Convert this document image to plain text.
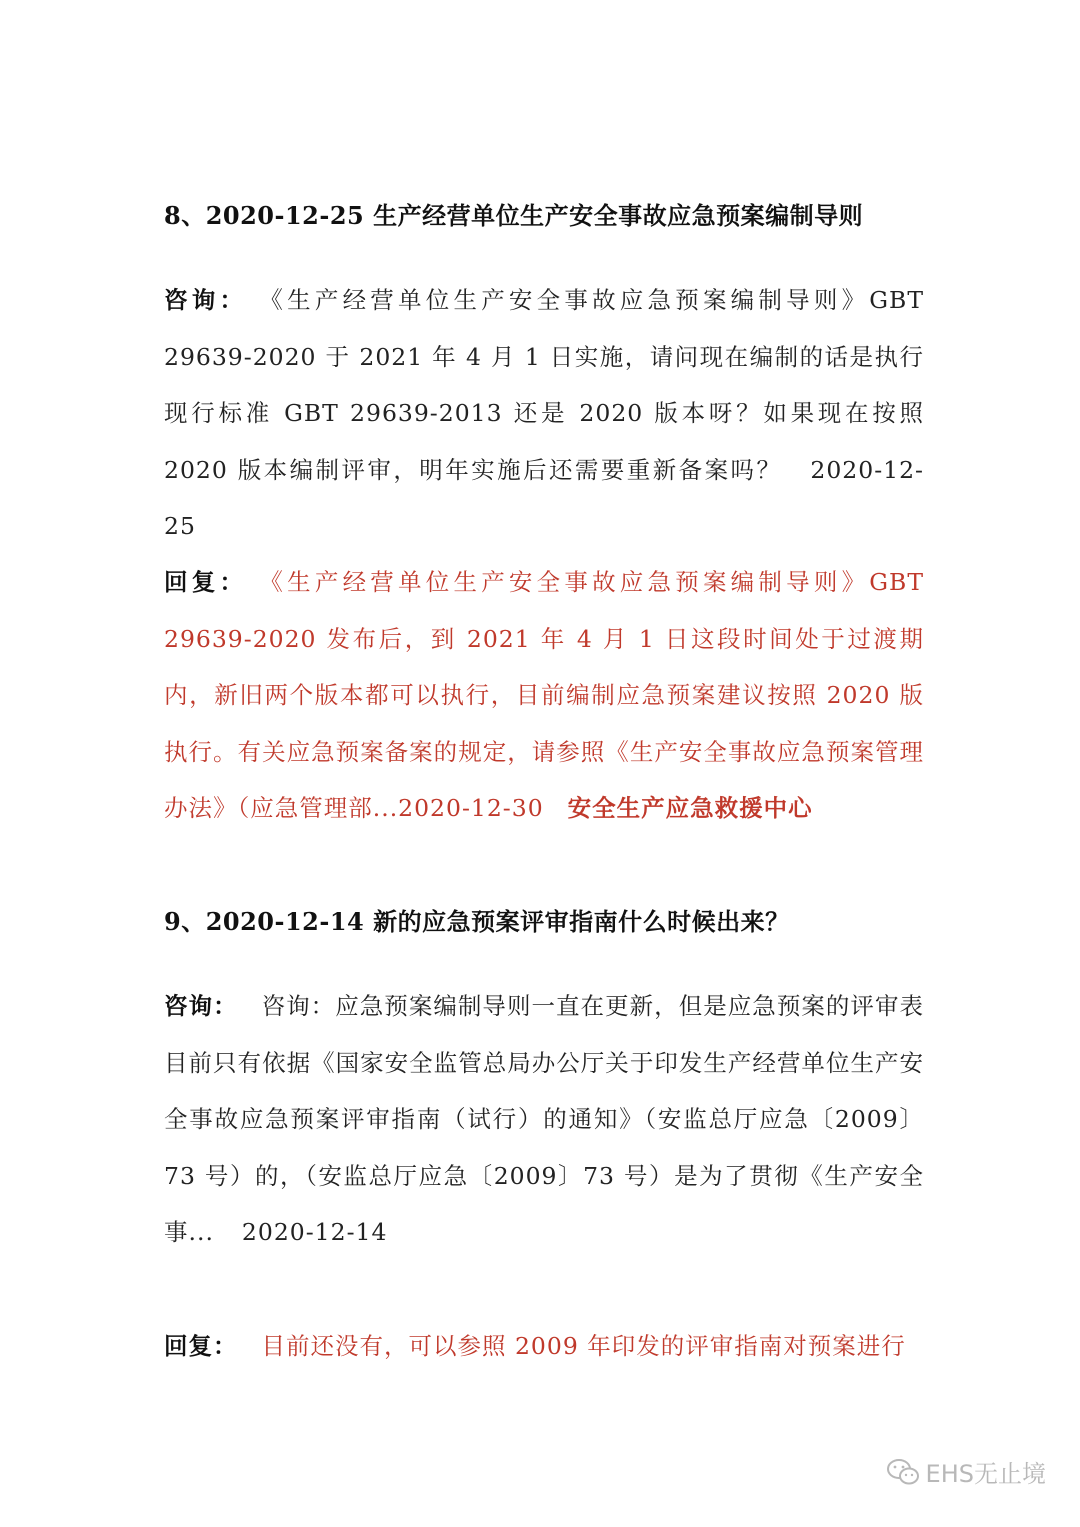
8、2020-12-25 生产经营单位生产安全事故应急预案编制导则
咨询： 《生产经营单位生产安全事故应急预案编制导则》GBT 29639-2020 于 2021 年 4 月 1 日实施，请问现在编制的话是执行现行标准 GBT 29639-2013 还是 2020 版本呀？如果现在按照 2020 版本编制评审，明年实施后还需要重新备案吗？ 2020-12-25
回复： 《生产经营单位生产安全事故应急预案编制导则》GBT 29639-2020 发布后，到 2021 年 4 月 1 日这段时间处于过渡期内，新旧两个版本都可以执行，目前编制应急预案建议按照 2020 版执行。有关应急预案备案的规定，请参照《生产安全事故应急预案管理办法》（应急管理部...2020-12-30 安全生产应急救援中心
9、2020-12-14 新的应急预案评审指南什么时候出来？
咨询： 咨询：应急预案编制导则一直在更新，但是应急预案的评审表目前只有依据《国家安全监管总局办公厅关于印发生产经营单位生产安全事故应急预案评审指南（试行）的通知》（安监总厅应急〔2009〕73 号）的，（安监总厅应急〔2009〕73 号）是为了贯彻《生产安全事... 2020-12-14
回复： 目前还没有，可以参照 2009 年印发的评审指南对预案进行
EHS无止境
